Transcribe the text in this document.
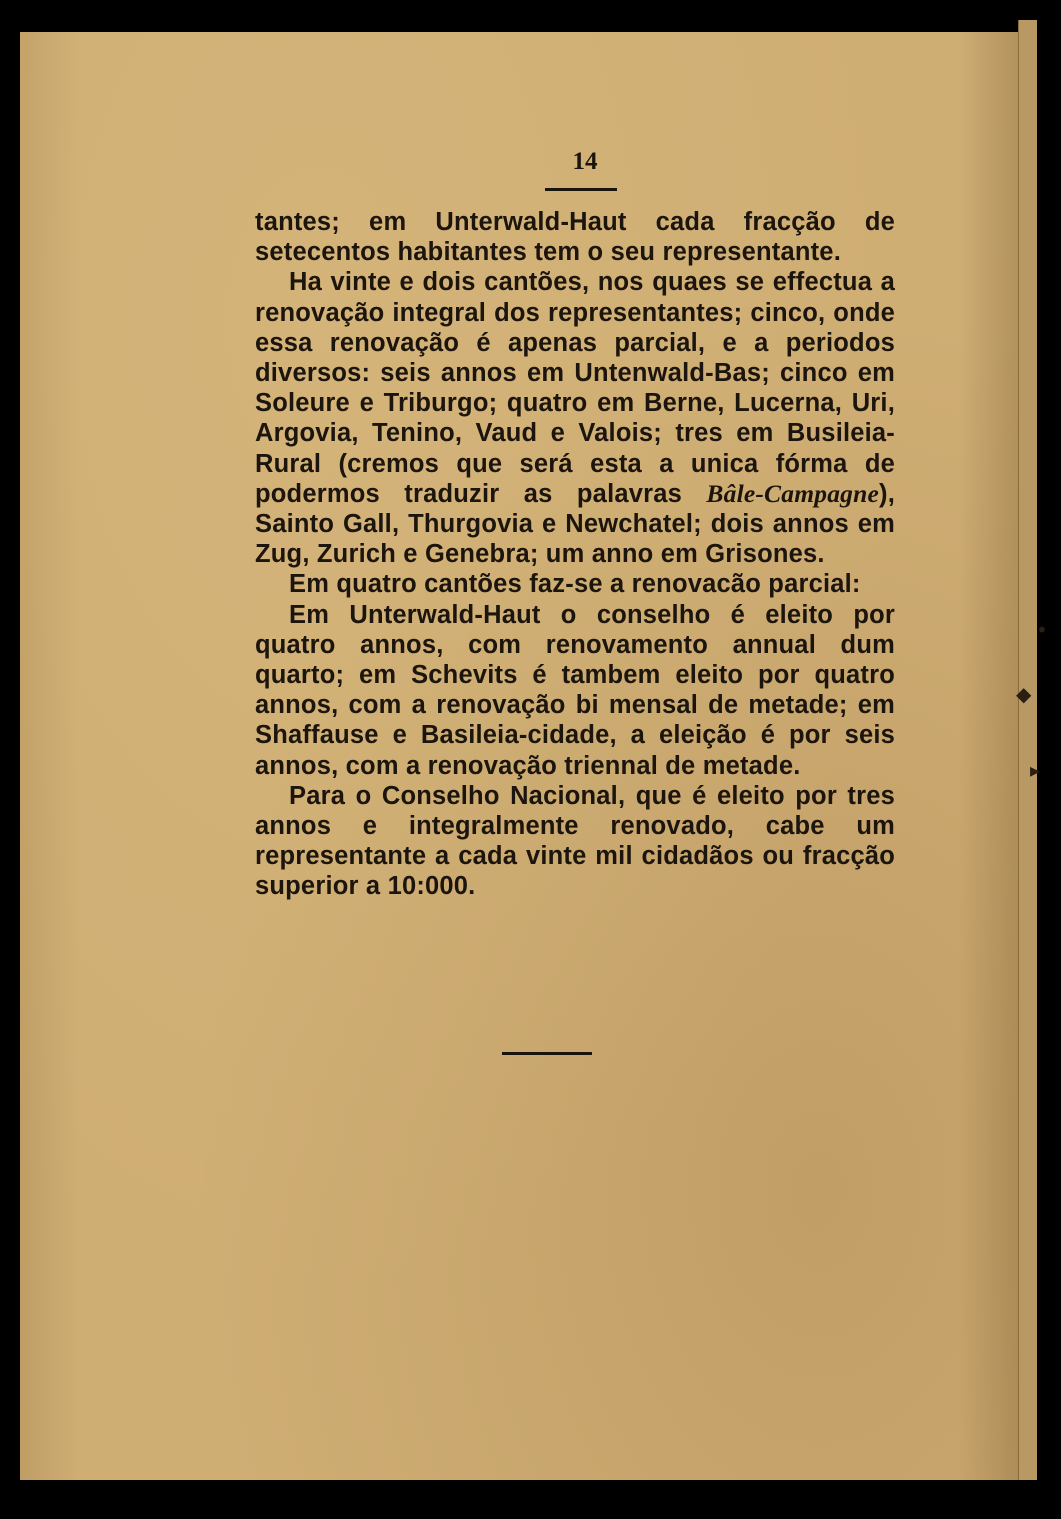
14

tantes; em Unterwald-Haut cada fracção de setecentos habitantes tem o seu representante.

Ha vinte e dois cantões, nos quaes se effectua a renovação integral dos representantes; cinco, onde essa renovação é apenas parcial, e a periodos diversos: seis annos em Untenwald-Bas; cinco em Soleure e Triburgo; quatro em Berne, Lucerna, Uri, Argovia, Tenino, Vaud e Valois; tres em Busileia-Rural (cremos que será esta a unica fórma de podermos traduzir as palavras Bâle-Campagne), Sainto Gall, Thurgovia e Newchatel; dois annos em Zug, Zurich e Genebra; um anno em Grisones.

Em quatro cantões faz-se a renovacão parcial:

Em Unterwald-Haut o conselho é eleito por quatro annos, com renovamento annual dum quarto; em Schevits é tambem eleito por quatro annos, com a renovação bi mensal de metade; em Shaffause e Basileia-cidade, a eleição é por seis annos, com a renovação triennal de metade.

Para o Conselho Nacional, que é eleito por tres annos e integralmente renovado, cabe um representante a cada vinte mil cidadãos ou fracção superior a 10:000.

•
◆
▸
